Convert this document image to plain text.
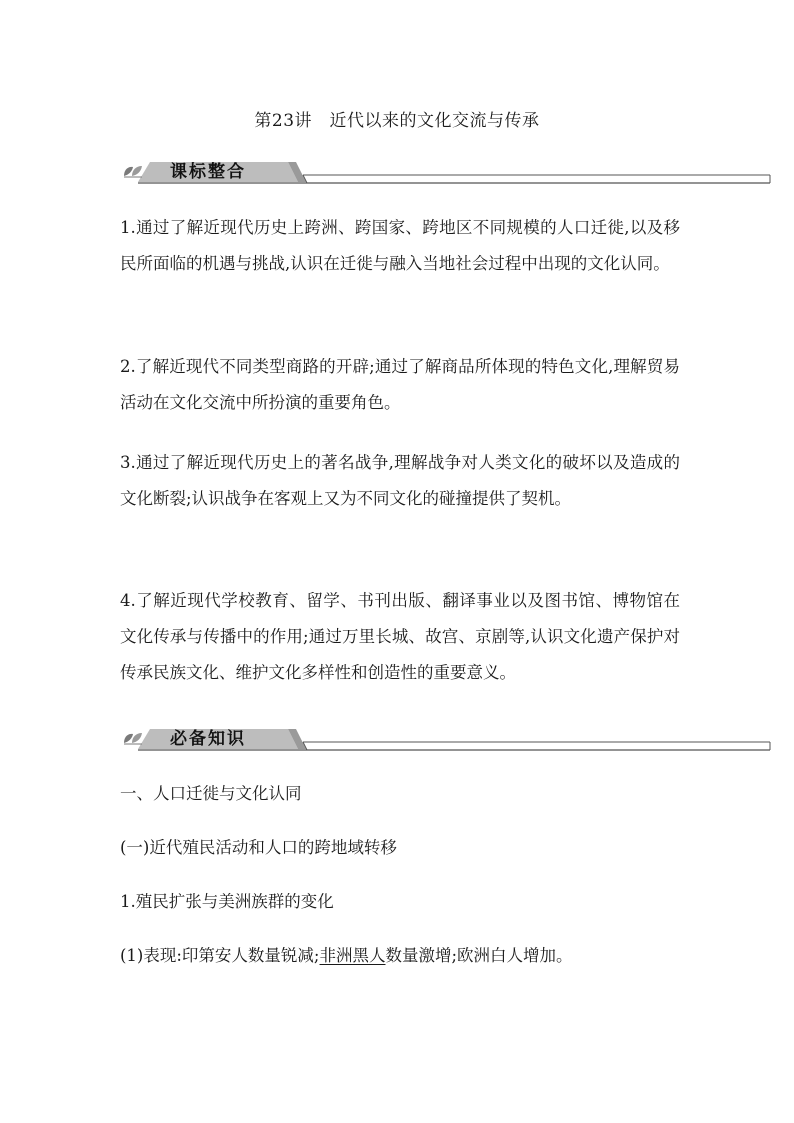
第23讲　近代以来的文化交流与传承
课标整合
1.通过了解近现代历史上跨洲、跨国家、跨地区不同规模的人口迁徙,以及移民所面临的机遇与挑战,认识在迁徙与融入当地社会过程中出现的文化认同。
2.了解近现代不同类型商路的开辟;通过了解商品所体现的特色文化,理解贸易活动在文化交流中所扮演的重要角色。
3.通过了解近现代历史上的著名战争,理解战争对人类文化的破坏以及造成的文化断裂;认识战争在客观上又为不同文化的碰撞提供了契机。
4.了解近现代学校教育、留学、书刊出版、翻译事业以及图书馆、博物馆在文化传承与传播中的作用;通过万里长城、故宫、京剧等,认识文化遗产保护对传承民族文化、维护文化多样性和创造性的重要意义。
必备知识
一、人口迁徙与文化认同
(一)近代殖民活动和人口的跨地域转移
1.殖民扩张与美洲族群的变化
(1)表现:印第安人数量锐减;非洲黑人数量激增;欧洲白人增加。
